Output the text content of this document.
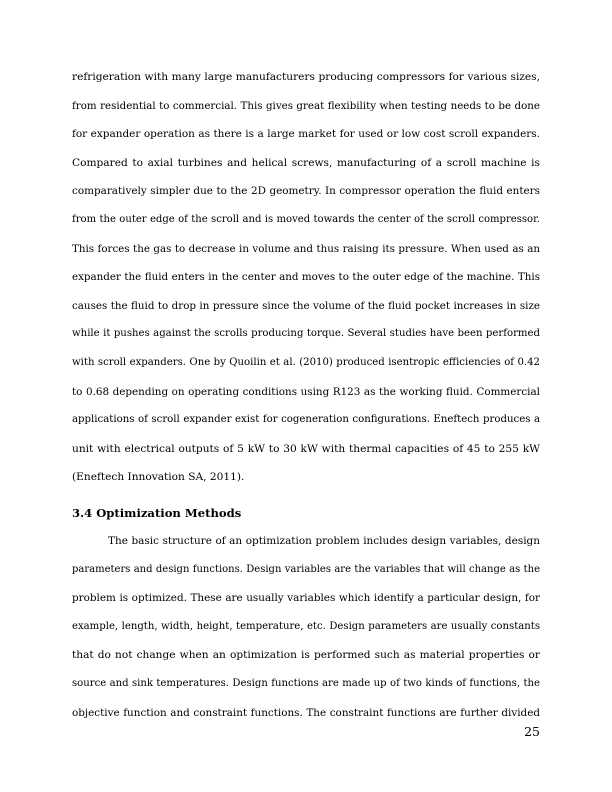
refrigeration with many large manufacturers producing compressors for various sizes,
from residential to commercial. This gives great flexibility when testing needs to be done
for expander operation as there is a large market for used or low cost scroll expanders.
Compared to axial turbines and helical screws, manufacturing of a scroll machine is
comparatively simpler due to the 2D geometry. In compressor operation the fluid enters
from the outer edge of the scroll and is moved towards the center of the scroll compressor.
This forces the gas to decrease in volume and thus raising its pressure. When used as an
expander the fluid enters in the center and moves to the outer edge of the machine. This
causes the fluid to drop in pressure since the volume of the fluid pocket increases in size
while it pushes against the scrolls producing torque. Several studies have been performed
with scroll expanders. One by Quoilin et al. (2010) produced isentropic efficiencies of 0.42
to 0.68 depending on operating conditions using R123 as the working fluid. Commercial
applications of scroll expander exist for cogeneration configurations. Eneftech produces a
unit with electrical outputs of 5 kW to 30 kW with thermal capacities of 45 to 255 kW
(Eneftech Innovation SA, 2011).
3.4 Optimization Methods
The basic structure of an optimization problem includes design variables, design
parameters and design functions. Design variables are the variables that will change as the
problem is optimized. These are usually variables which identify a particular design, for
example, length, width, height, temperature, etc. Design parameters are usually constants
that do not change when an optimization is performed such as material properties or
source and sink temperatures. Design functions are made up of two kinds of functions, the
objective function and constraint functions. The constraint functions are further divided
25
